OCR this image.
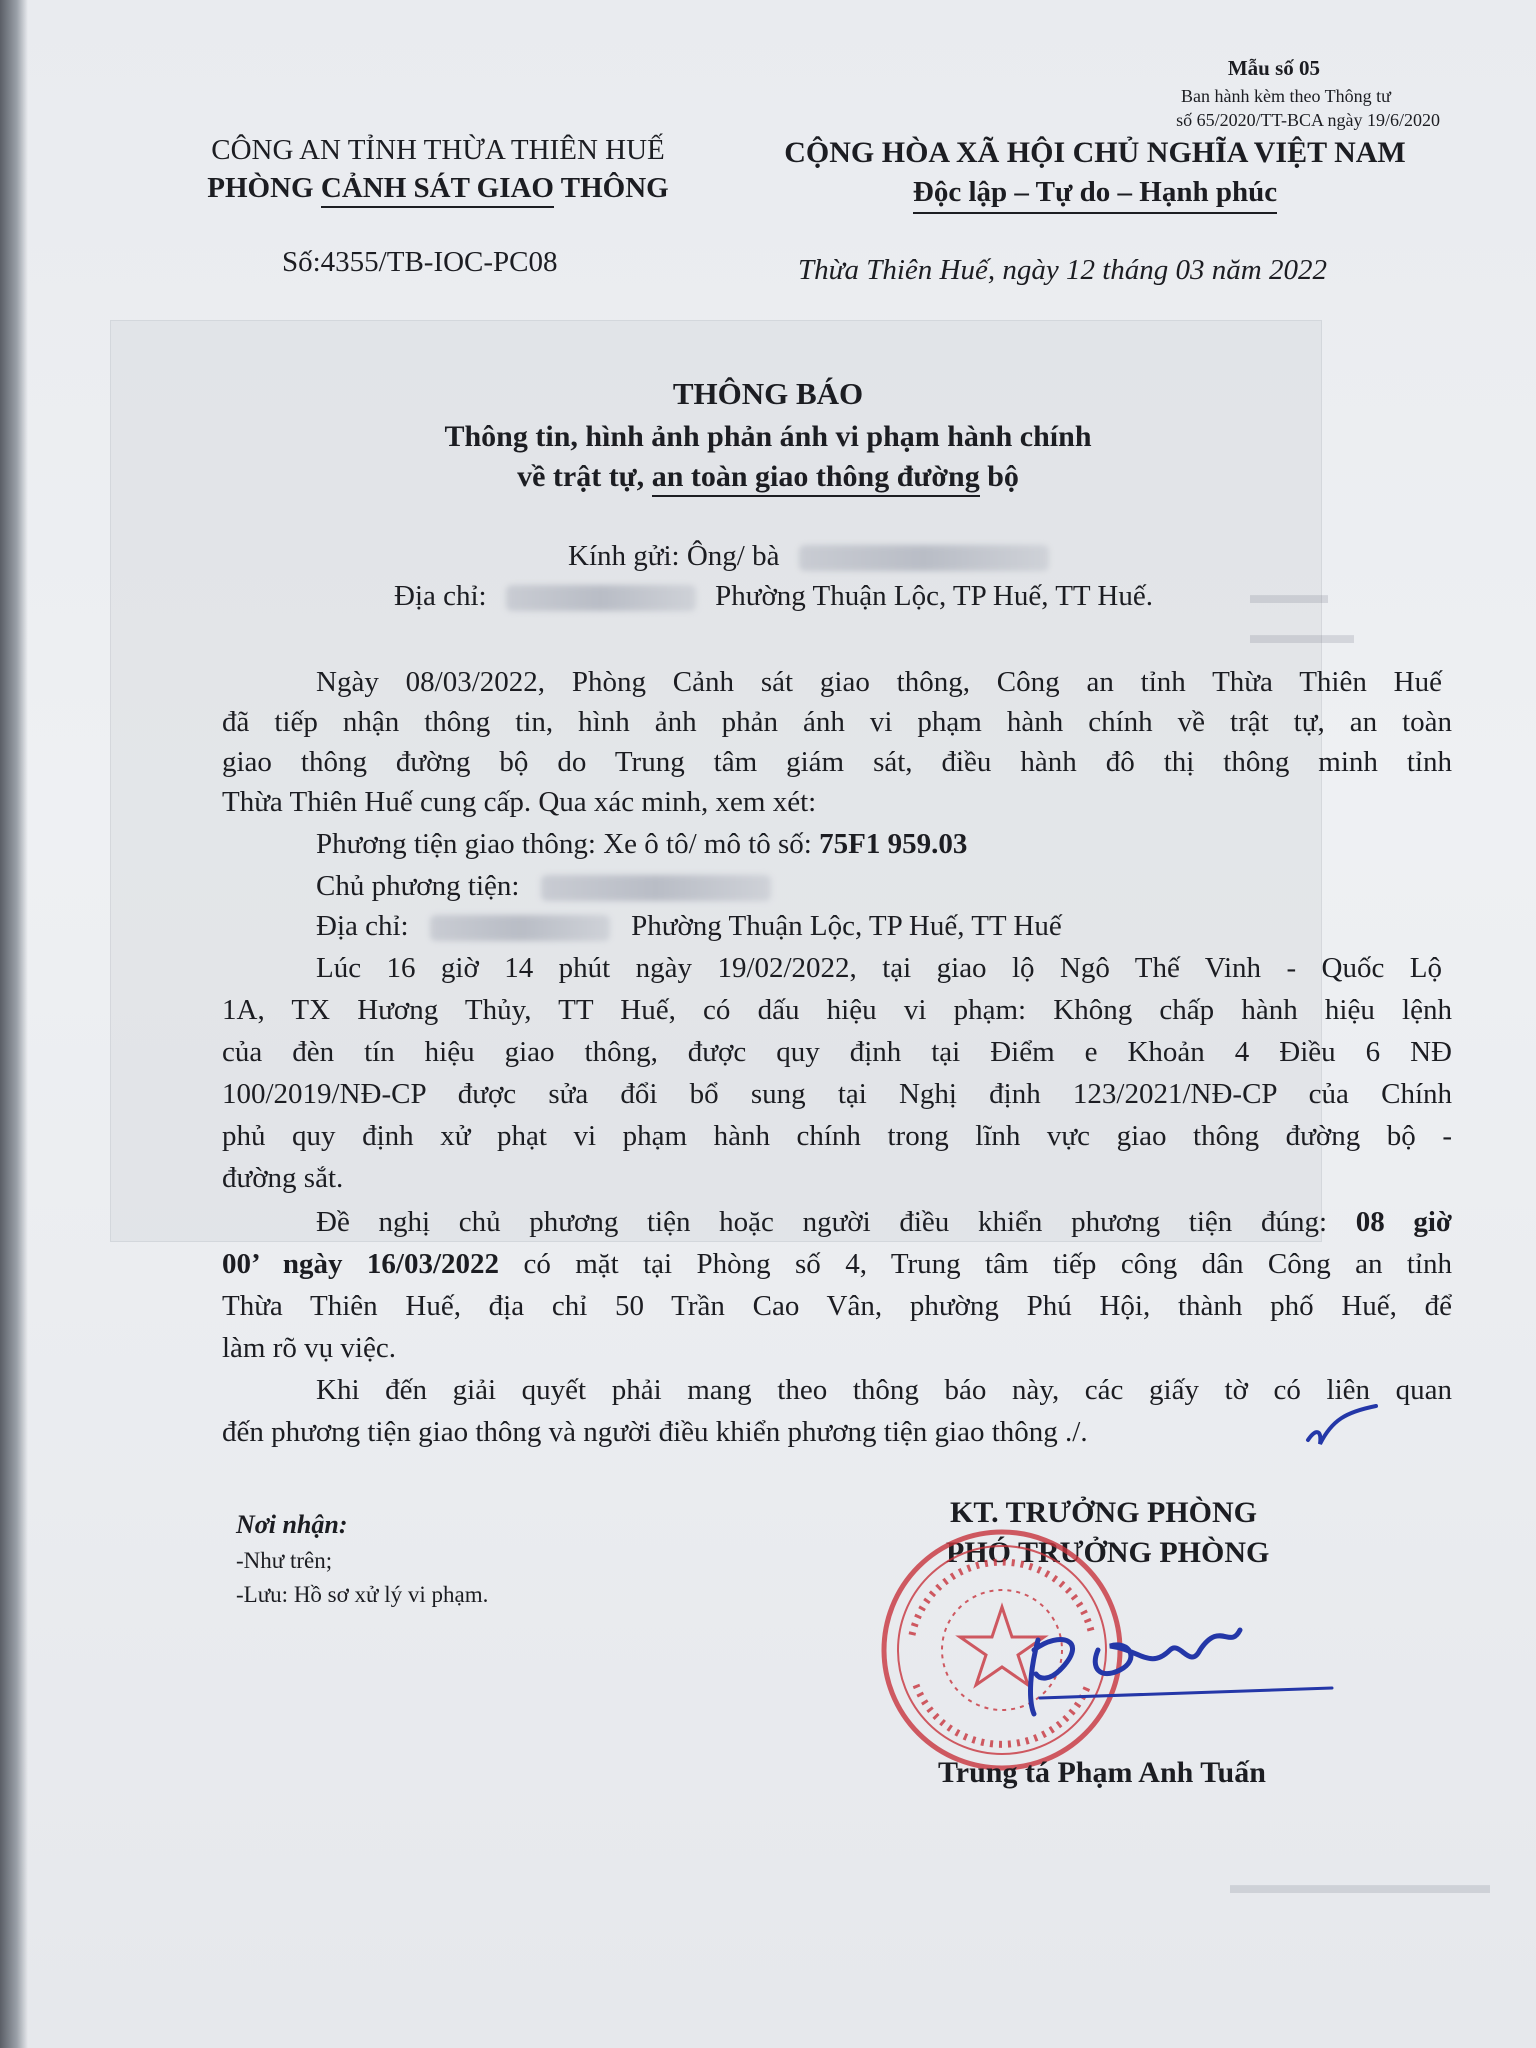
▬▬▬
▬▬▬▬
▬▬▬▬▬▬▬▬▬▬
Mẫu số 05
Ban hành kèm theo Thông tư
số 65/2020/TT-BCA ngày 19/6/2020
CÔNG AN TỈNH THỪA THIÊN HUẾ
PHÒNG CẢNH SÁT GIAO THÔNG
CỘNG HÒA XÃ HỘI CHỦ NGHĨA VIỆT NAM
Độc lập – Tự do – Hạnh phúc
Số:4355/TB-IOC-PC08	Thừa Thiên Huế, ngày 12 tháng 03 năm 2022
THÔNG BÁO
Thông tin, hình ảnh phản ánh vi phạm hành chính
về trật tự, an toàn giao thông đường bộ
Kính gửi: Ông/ bà
Địa chỉ:	Phường Thuận Lộc, TP Huế, TT Huế.
Ngày 08/03/2022, Phòng Cảnh sát giao thông, Công an tỉnh Thừa Thiên Huế
đã tiếp nhận thông tin, hình ảnh phản ánh vi phạm hành chính về trật tự, an toàn
giao thông đường bộ do Trung tâm giám sát, điều hành đô thị thông minh tỉnh
Thừa Thiên Huế cung cấp. Qua xác minh, xem xét:
Phương tiện giao thông: Xe ô tô/ mô tô số: 75F1 959.03
Chủ phương tiện:
Địa chỉ:	Phường Thuận Lộc, TP Huế, TT Huế
Lúc 16 giờ 14 phút ngày 19/02/2022, tại giao lộ Ngô Thế Vinh - Quốc Lộ
1A, TX Hương Thủy, TT Huế, có dấu hiệu vi phạm: Không chấp hành hiệu lệnh
của đèn tín hiệu giao thông, được quy định tại Điểm e Khoản 4 Điều 6 NĐ
100/2019/NĐ-CP được sửa đổi bổ sung tại Nghị định 123/2021/NĐ-CP của Chính
phủ quy định xử phạt vi phạm hành chính trong lĩnh vực giao thông đường bộ -
đường sắt.
Đề nghị chủ phương tiện hoặc người điều khiển phương tiện đúng: 08 giờ
00’ ngày 16/03/2022 có mặt tại Phòng số 4, Trung tâm tiếp công dân Công an tỉnh
Thừa Thiên Huế, địa chỉ 50 Trần Cao Vân, phường Phú Hội, thành phố Huế, để
làm rõ vụ việc.
Khi đến giải quyết phải mang theo thông báo này, các giấy tờ có liên quan
đến phương tiện giao thông và người điều khiển phương tiện giao thông ./.
Nơi nhận:
-Như trên;
-Lưu: Hồ sơ xử lý vi phạm.
KT. TRƯỞNG PHÒNG
PHÓ TRƯỞNG PHÒNG
Trung tá Phạm Anh Tuấn
